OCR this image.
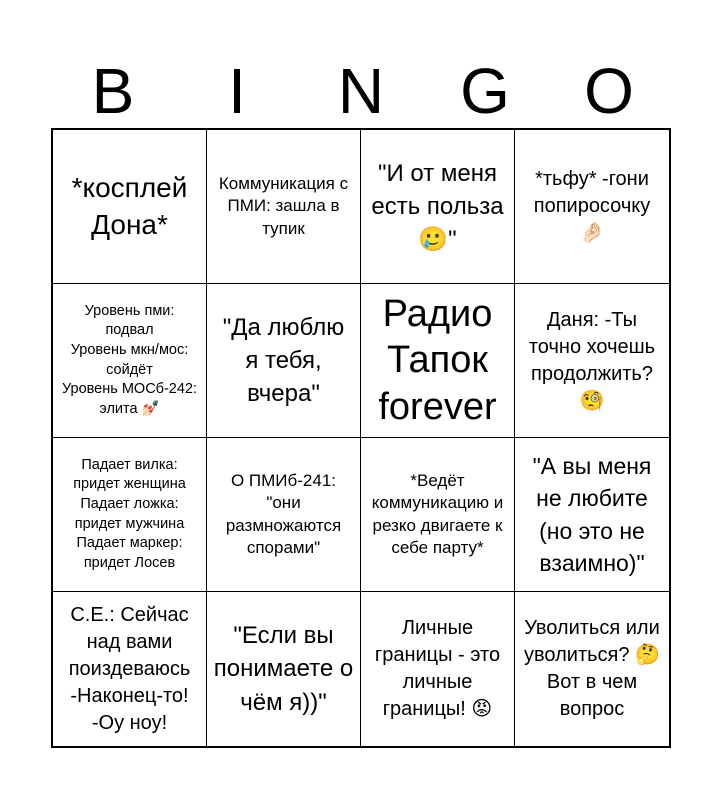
B	I	N	G	O
*косплей Дона*
Коммуникация с ПМИ: зашла в тупик
"И от меня есть польза 🥲"
*тьфу* -гони попиросочку 🤌🏻
Уровень пми: подвал
Уровень мкн/мос: сойдёт
Уровень МОСб-242: элита 💅🏻
"Да люблю я тебя, вчера"
Радио Тапок forever
Даня: -Ты точно хочешь продолжить? 🧐
Падает вилка: придет женщина
Падает ложка: придет мужчина
Падает маркер: придет Лосев
О ПМИб-241: "они размножаются спорами"
*Ведёт коммуникацию и резко двигаете к себе парту*
"А вы меня не любите (но это не взаимно)"
С.Е.: Сейчас над вами поиздеваюсь
-Наконец-то!
-Оу ноу!
"Если вы понимаете о чём я))"
Личные границы - это личные границы! 😡
Уволиться или уволиться? 🤔 Вот в чем вопрос
